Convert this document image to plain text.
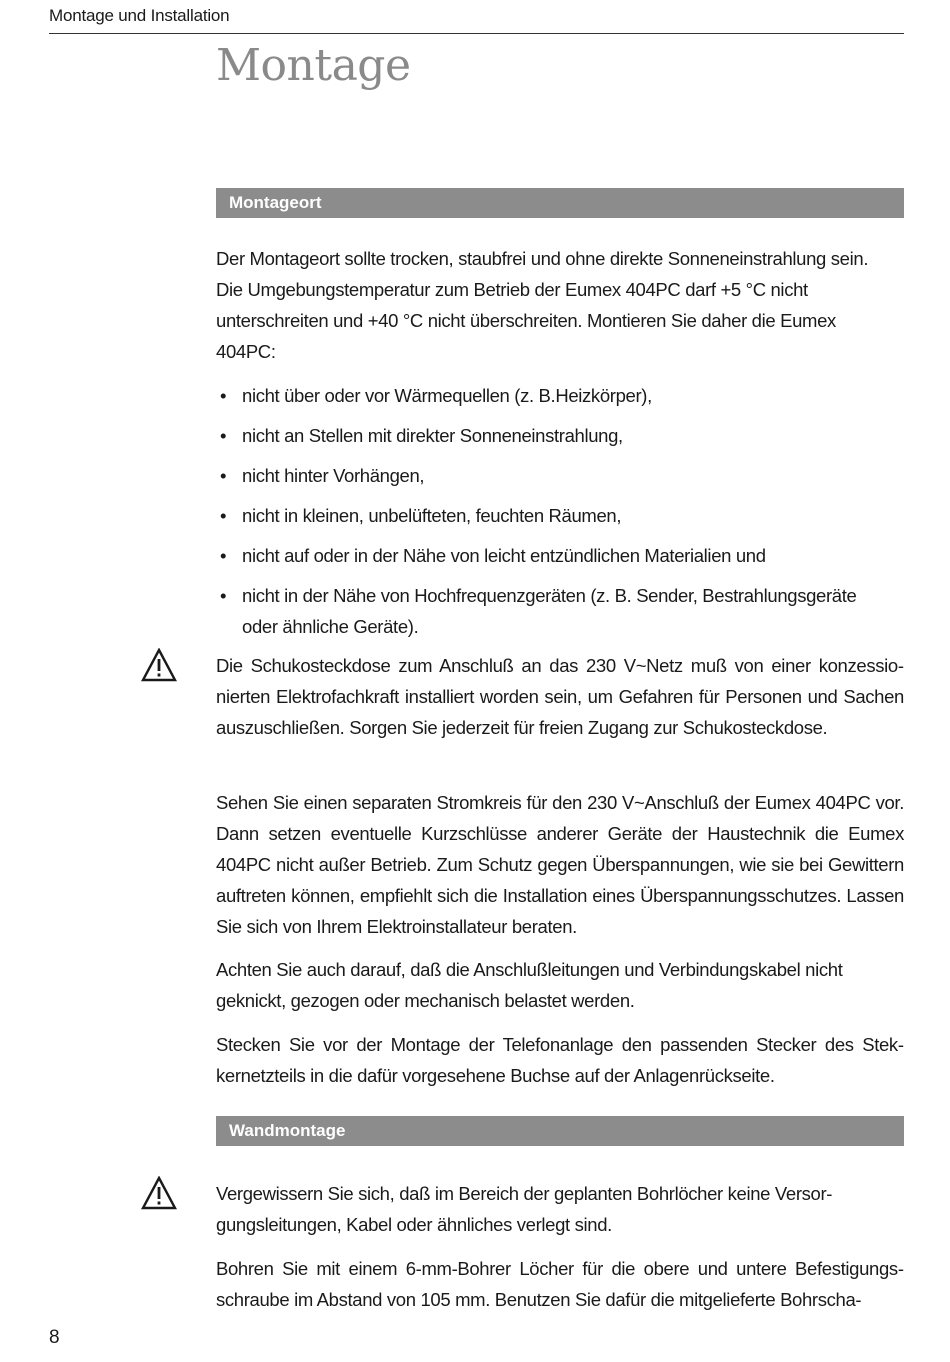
Montage und Installation
Montage
Montageort

Der Montageort sollte trocken, staubfrei und ohne direkte Sonneneinstrahlung sein. Die Umgebungstemperatur zum Betrieb der Eumex 404PC darf +5 °C nicht unterschreiten und +40 °C nicht überschreiten. Montieren Sie daher die Eumex 404PC:

• nicht über oder vor Wärmequellen (z. B.Heizkörper),
• nicht an Stellen mit direkter Sonneneinstrahlung,
• nicht hinter Vorhängen,
• nicht in kleinen, unbelüfteten, feuchten Räumen,
• nicht auf oder in der Nähe von leicht entzündlichen Materialien und
• nicht in der Nähe von Hochfrequenzgeräten (z. B. Sender, Bestrahlungsgeräte oder ähnliche Geräte).

Die Schukosteckdose zum Anschluß an das 230 V~Netz muß von einer konzessionierten Elektrofachkraft installiert worden sein, um Gefahren für Personen und Sachen auszuschließen. Sorgen Sie jederzeit für freien Zugang zur Schukosteckdose.

Sehen Sie einen separaten Stromkreis für den 230 V~Anschluß der Eumex 404PC vor. Dann setzen eventuelle Kurzschlüsse anderer Geräte der Haustechnik die Eumex 404PC nicht außer Betrieb. Zum Schutz gegen Überspannungen, wie sie bei Gewittern auftreten können, empfiehlt sich die Installation eines Überspannungsschutzes. Lassen Sie sich von Ihrem Elektroinstallateur beraten.

Achten Sie auch darauf, daß die Anschlußleitungen und Verbindungskabel nicht geknickt, gezogen oder mechanisch belastet werden.

Stecken Sie vor der Montage der Telefonanlage den passenden Stecker des Stekkernetzteils in die dafür vorgesehene Buchse auf der Anlagenrückseite.

Wandmontage

Vergewissern Sie sich, daß im Bereich der geplanten Bohrlöcher keine Versorgungsleitungen, Kabel oder ähnliches verlegt sind.

Bohren Sie mit einem 6-mm-Bohrer Löcher für die obere und untere Befestigungsschraube im Abstand von 105 mm. Benutzen Sie dafür die mitgelieferte Bohrscha-

8
